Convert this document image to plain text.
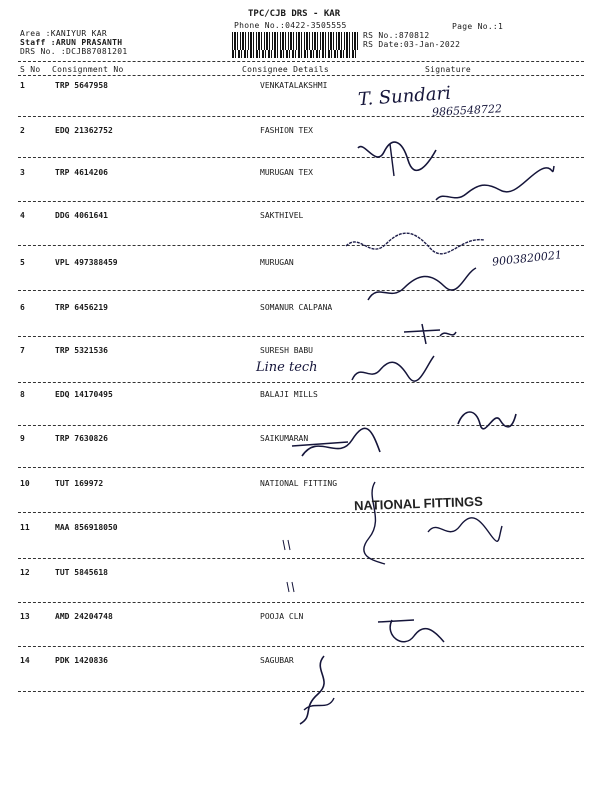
TPC/CJB DRS - KAR
Phone No.:0422-3505555	Page No.:1
Area :KANIYUR KAR
Staff :ARUN PRASANTH
DRS No. :DCJB87081201
RS No.:870812
RS Date:03-Jan-2022
S No Consignment No	Consignee Details	Signature
1	TRP 5647958	VENKATALAKSHMI
2	EDQ 21362752	FASHION TEX
3	TRP 4614206	MURUGAN TEX
4	DDG 4061641	SAKTHIVEL
5	VPL 497388459	MURUGAN
6	TRP 6456219	SOMANUR CALPANA
7	TRP 5321536	SURESH BABU
8	EDQ 14170495	BALAJI MILLS
9	TRP 7630826	SAIKUMARAN
10	TUT 169972	NATIONAL FITTING
11	MAA 856918050
12	TUT 5845618
13	AMD 24204748	POOJA CLN
14	PDK 1420836	SAGUBAR
T. Sundari
9865548722
9003820021
Line tech
NATIONAL FITTINGS
